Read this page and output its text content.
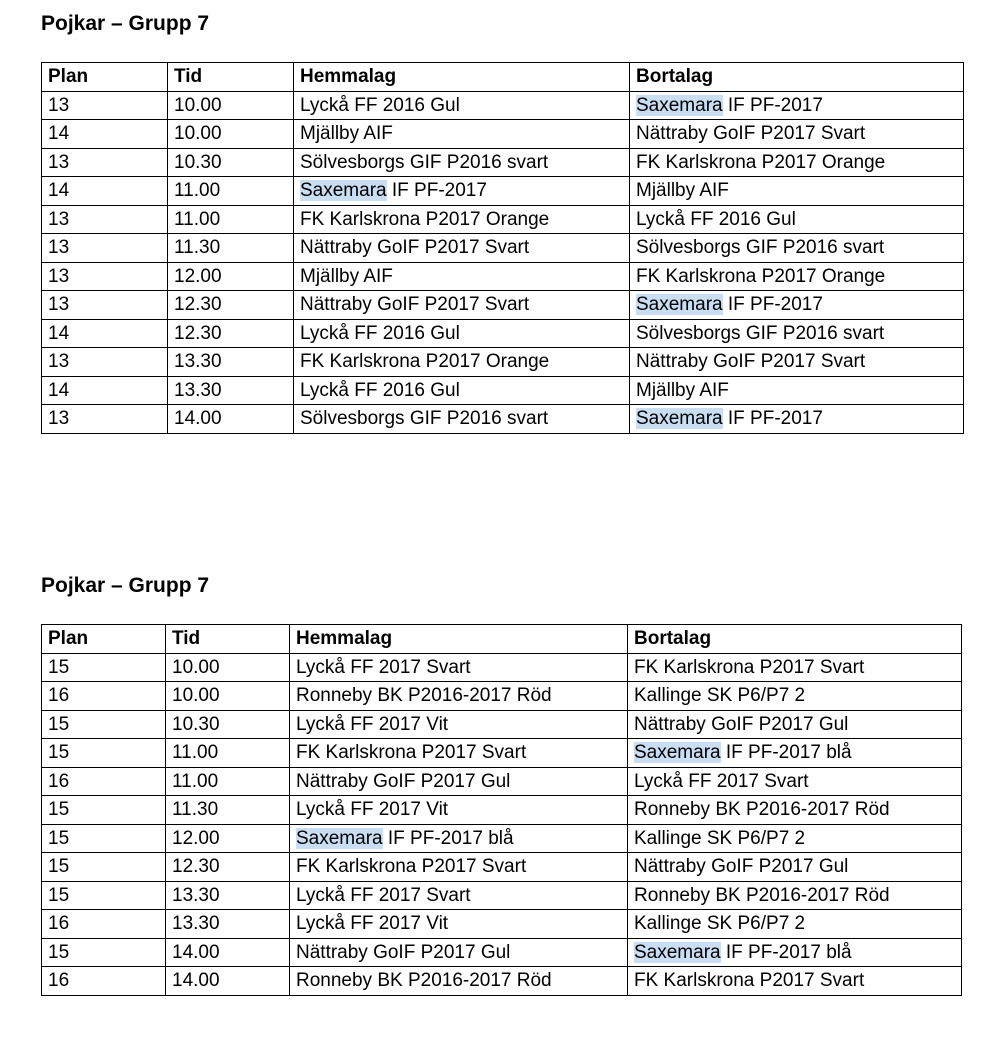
Pojkar – Grupp 7
Plan	Tid	Hemmalag	Bortalag
13	10.00	Lyckå FF 2016 Gul	Saxemara IF PF-2017
14	10.00	Mjällby AIF	Nättraby GoIF P2017 Svart
13	10.30	Sölvesborgs GIF P2016 svart	FK Karlskrona P2017 Orange
14	11.00	Saxemara IF PF-2017	Mjällby AIF
13	11.00	FK Karlskrona P2017 Orange	Lyckå FF 2016 Gul
13	11.30	Nättraby GoIF P2017 Svart	Sölvesborgs GIF P2016 svart
13	12.00	Mjällby AIF	FK Karlskrona P2017 Orange
13	12.30	Nättraby GoIF P2017 Svart	Saxemara IF PF-2017
14	12.30	Lyckå FF 2016 Gul	Sölvesborgs GIF P2016 svart
13	13.30	FK Karlskrona P2017 Orange	Nättraby GoIF P2017 Svart
14	13.30	Lyckå FF 2016 Gul	Mjällby AIF
13	14.00	Sölvesborgs GIF P2016 svart	Saxemara IF PF-2017
Pojkar – Grupp 7
Plan	Tid	Hemmalag	Bortalag
15	10.00	Lyckå FF 2017 Svart	FK Karlskrona P2017 Svart
16	10.00	Ronneby BK P2016-2017 Röd	Kallinge SK P6/P7 2
15	10.30	Lyckå FF 2017 Vit	Nättraby GoIF P2017 Gul
15	11.00	FK Karlskrona P2017 Svart	Saxemara IF PF-2017 blå
16	11.00	Nättraby GoIF P2017 Gul	Lyckå FF 2017 Svart
15	11.30	Lyckå FF 2017 Vit	Ronneby BK P2016-2017 Röd
15	12.00	Saxemara IF PF-2017 blå	Kallinge SK P6/P7 2
15	12.30	FK Karlskrona P2017 Svart	Nättraby GoIF P2017 Gul
15	13.30	Lyckå FF 2017 Svart	Ronneby BK P2016-2017 Röd
16	13.30	Lyckå FF 2017 Vit	Kallinge SK P6/P7 2
15	14.00	Nättraby GoIF P2017 Gul	Saxemara IF PF-2017 blå
16	14.00	Ronneby BK P2016-2017 Röd	FK Karlskrona P2017 Svart
